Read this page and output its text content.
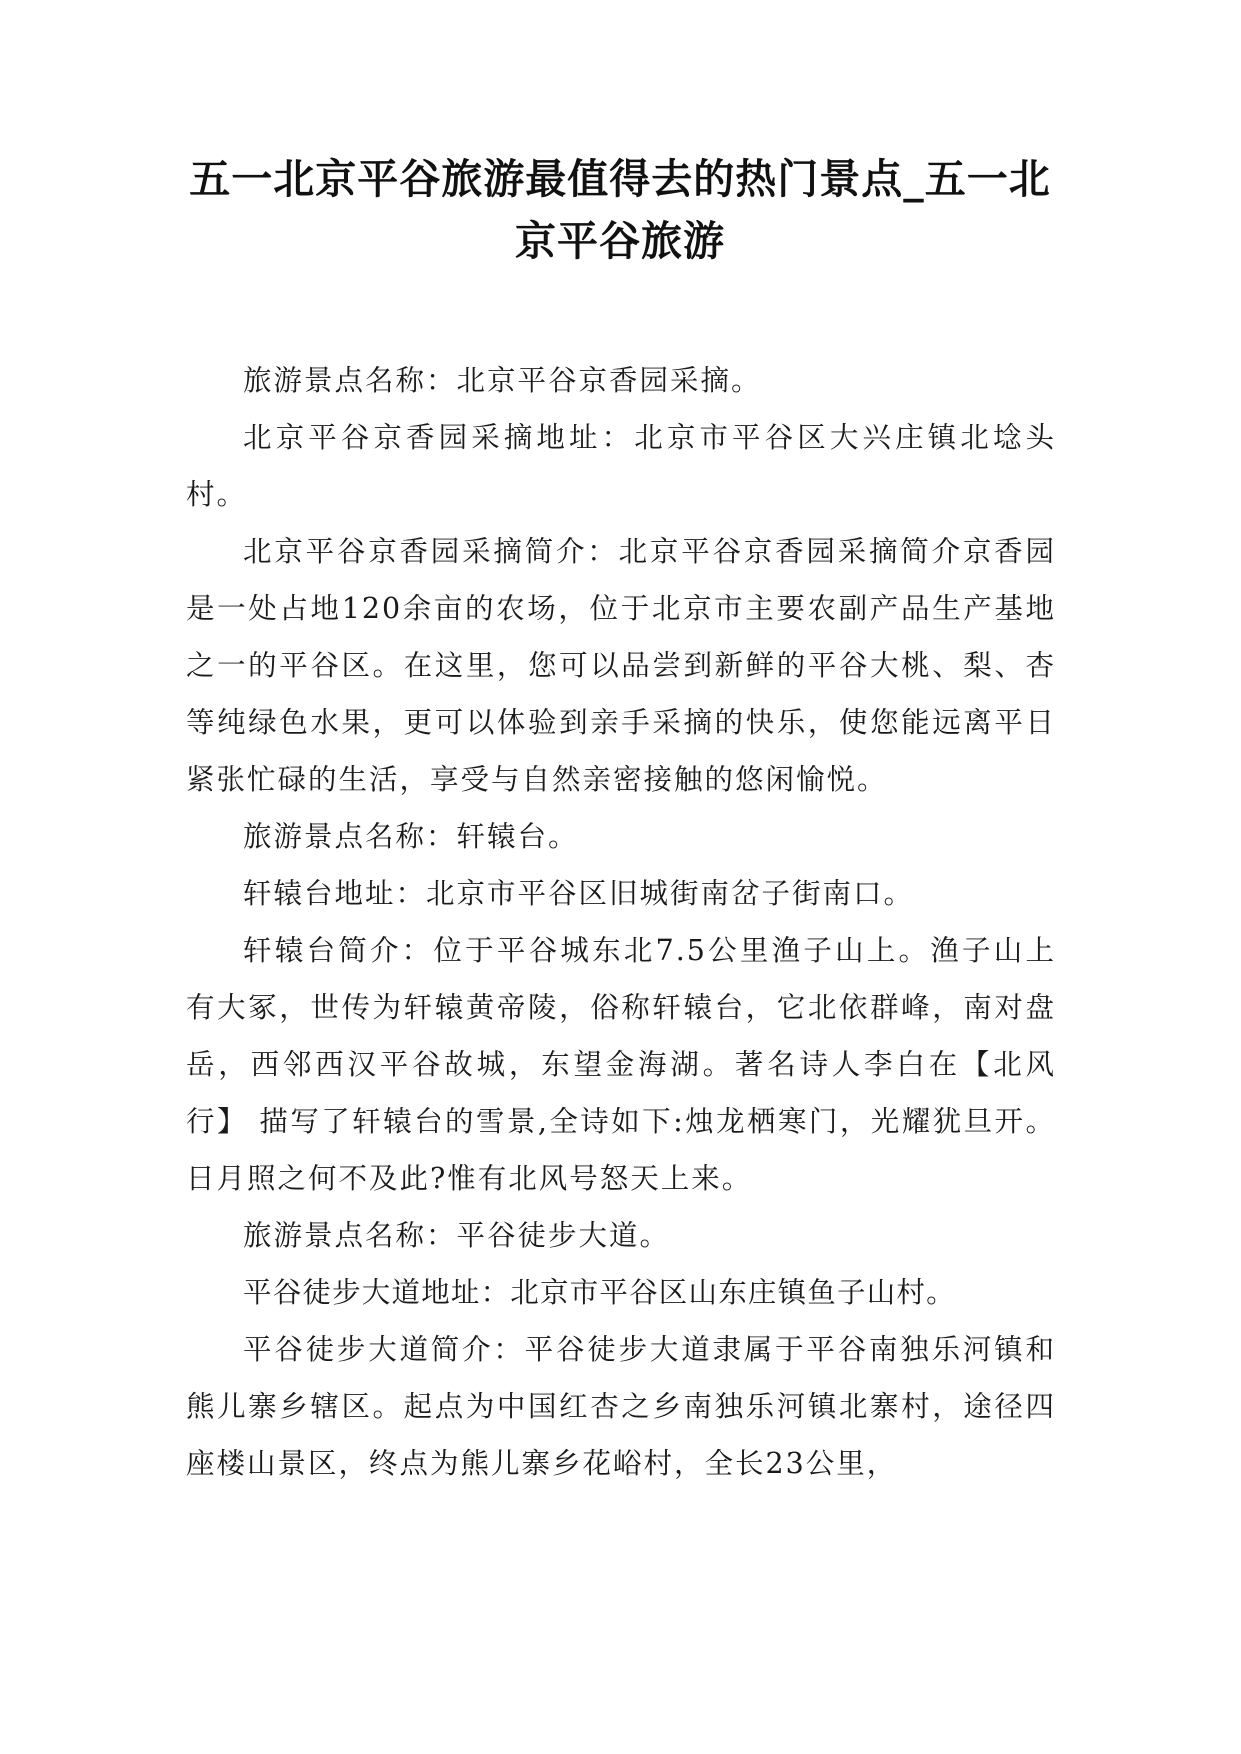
五一北京平谷旅游最值得去的热门景点_五一北京平谷旅游

旅游景点名称：北京平谷京香园采摘。

北京平谷京香园采摘地址：北京市平谷区大兴庄镇北埝头村。

北京平谷京香园采摘简介：北京平谷京香园采摘简介京香园是一处占地120余亩的农场，位于北京市主要农副产品生产基地之一的平谷区。在这里，您可以品尝到新鲜的平谷大桃、梨、杏等纯绿色水果，更可以体验到亲手采摘的快乐，使您能远离平日紧张忙碌的生活，享受与自然亲密接触的悠闲愉悦。

旅游景点名称：轩辕台。

轩辕台地址：北京市平谷区旧城街南岔子街南口。

轩辕台简介：位于平谷城东北7.5公里渔子山上。渔子山上有大冢，世传为轩辕黄帝陵，俗称轩辕台，它北依群峰，南对盘岳，西邻西汉平谷故城，东望金海湖。著名诗人李白在【北风行】 描写了轩辕台的雪景,全诗如下:烛龙栖寒门，光耀犹旦开。日月照之何不及此?惟有北风号怒天上来。

旅游景点名称：平谷徒步大道。

平谷徒步大道地址：北京市平谷区山东庄镇鱼子山村。

平谷徒步大道简介：平谷徒步大道隶属于平谷南独乐河镇和熊儿寨乡辖区。起点为中国红杏之乡南独乐河镇北寨村，途径四座楼山景区，终点为熊儿寨乡花峪村，全长23公里，
